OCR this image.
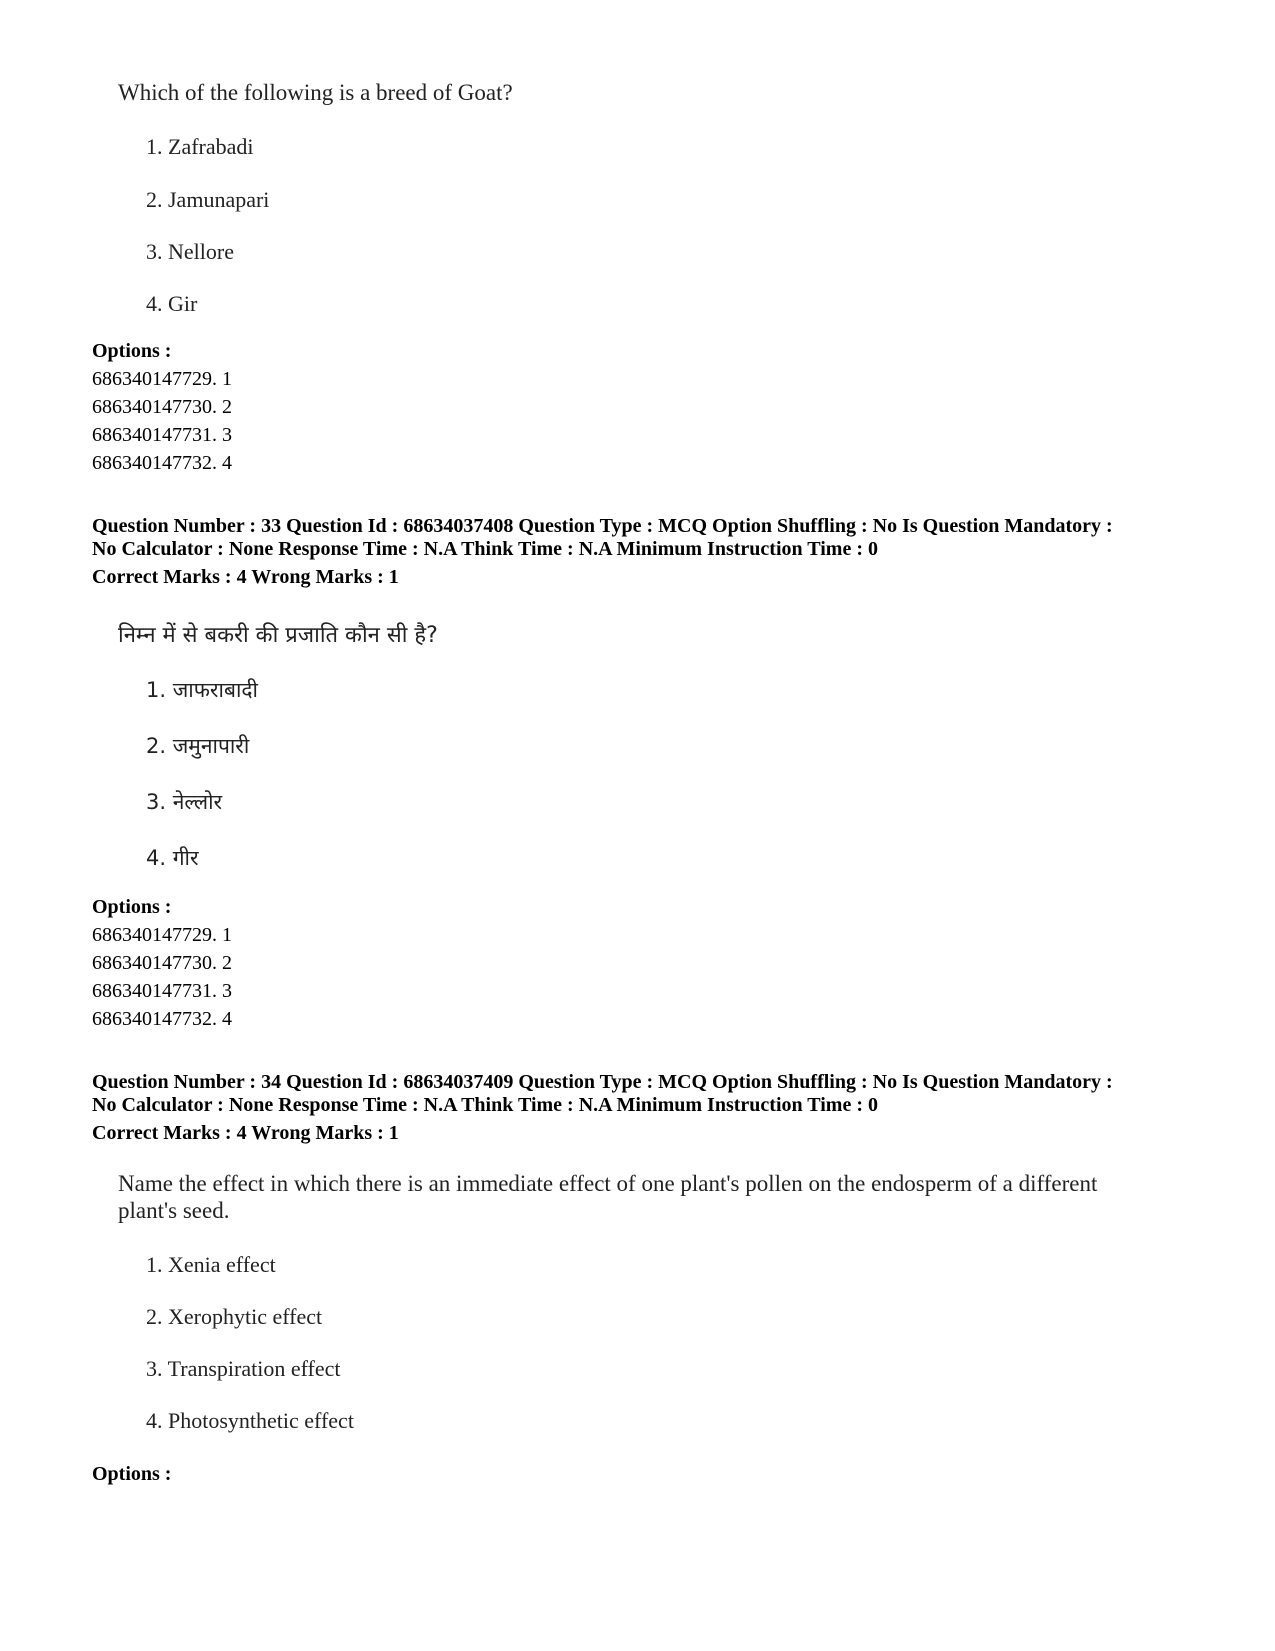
Which of the following is a breed of Goat?
1. Zafrabadi
2. Jamunapari
3. Nellore
4. Gir
Options :
686340147729. 1
686340147730. 2
686340147731. 3
686340147732. 4
Question Number : 33 Question Id : 68634037408 Question Type : MCQ Option Shuffling : No Is Question Mandatory :
No Calculator : None Response Time : N.A Think Time : N.A Minimum Instruction Time : 0
Correct Marks : 4 Wrong Marks : 1
निम्न में से बकरी की प्रजाति कौन सी है?
1. जाफराबादी
2. जमुनापारी
3. नेल्लोर
4. गीर
Options :
686340147729. 1
686340147730. 2
686340147731. 3
686340147732. 4
Question Number : 34 Question Id : 68634037409 Question Type : MCQ Option Shuffling : No Is Question Mandatory :
No Calculator : None Response Time : N.A Think Time : N.A Minimum Instruction Time : 0
Correct Marks : 4 Wrong Marks : 1
Name the effect in which there is an immediate effect of one plant's pollen on the endosperm of a different
plant's seed.
1. Xenia effect
2. Xerophytic effect
3. Transpiration effect
4. Photosynthetic effect
Options :
